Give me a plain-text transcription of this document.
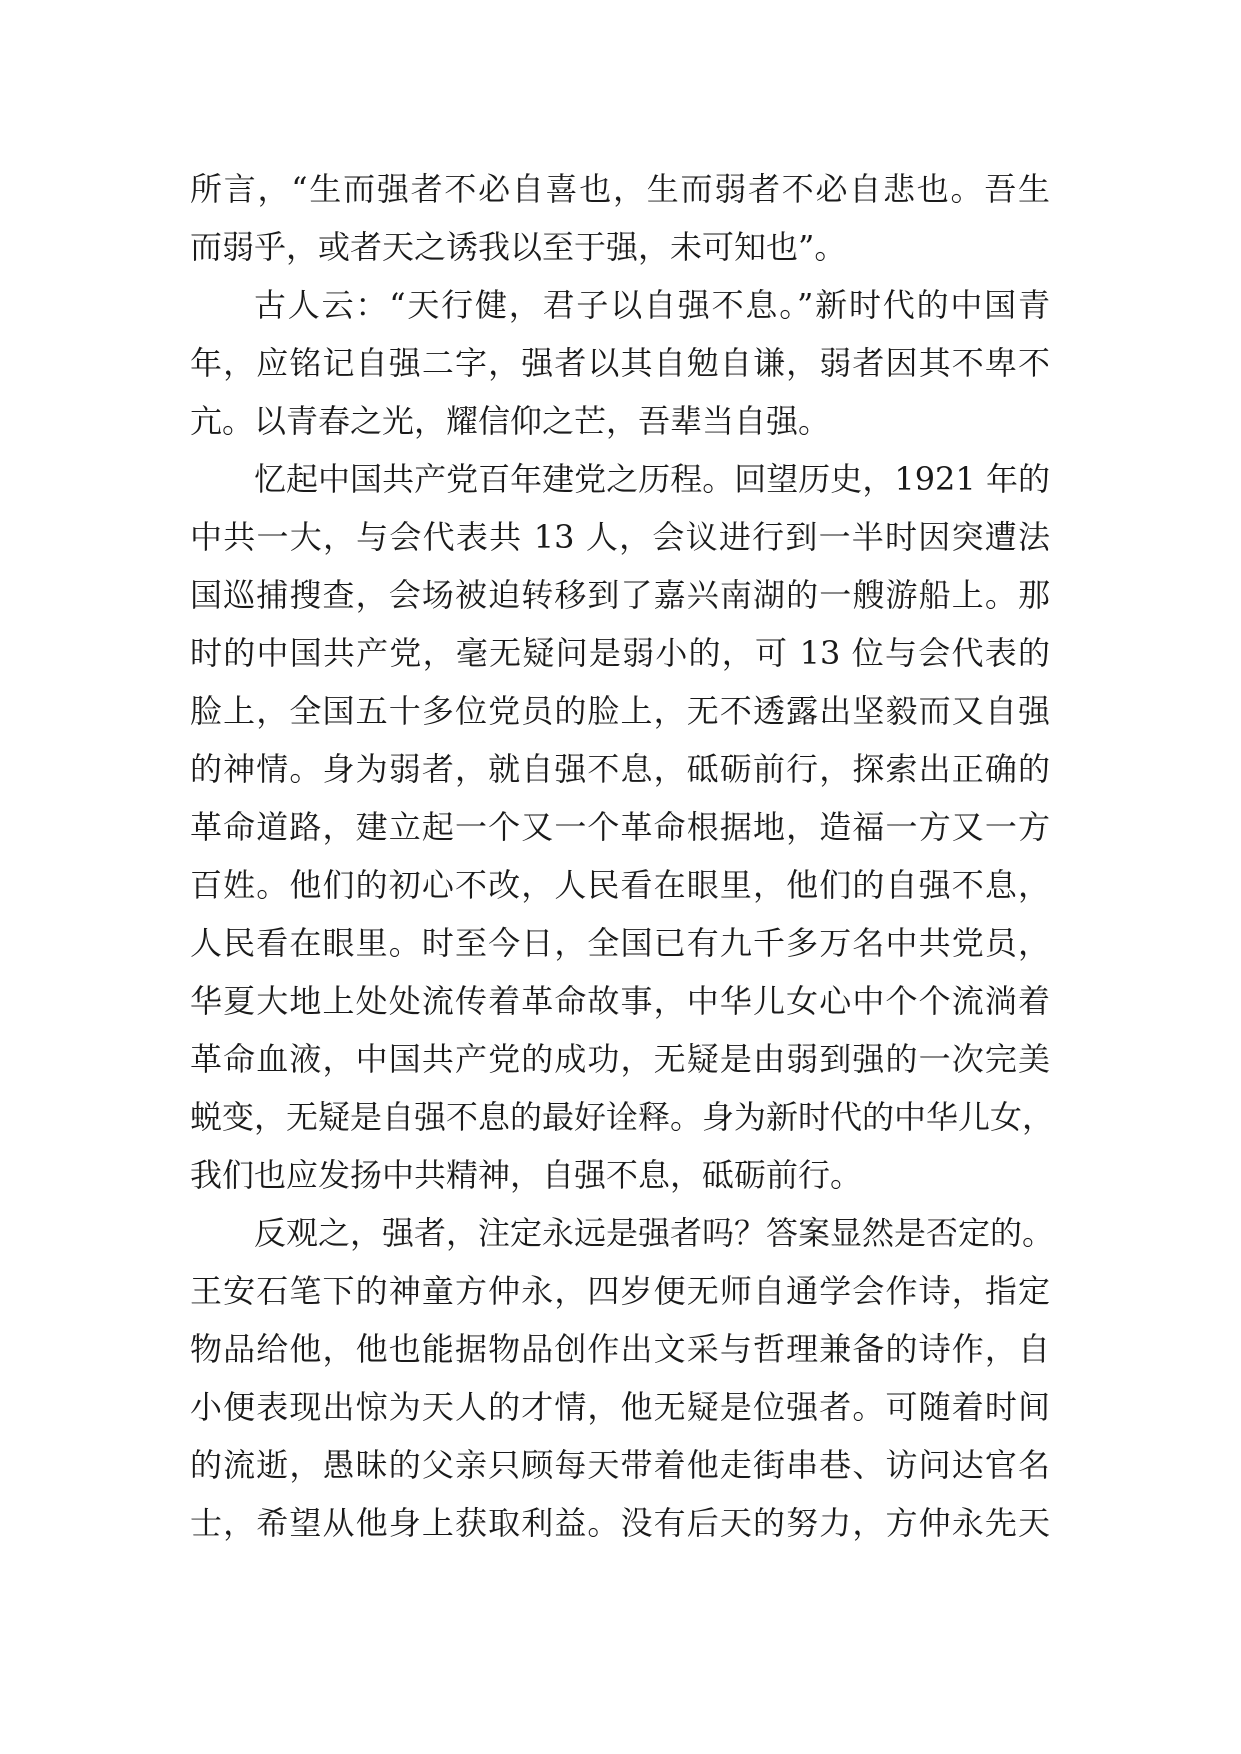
所言，“生而强者不必自喜也，生而弱者不必自悲也。吾生
而弱乎，或者天之诱我以至于强，未可知也”。
古人云：“天行健，君子以自强不息。”新时代的中国青
年，应铭记自强二字，强者以其自勉自谦，弱者因其不卑不
亢。以青春之光，耀信仰之芒，吾辈当自强。
忆起中国共产党百年建党之历程。回望历史，1921 年的
中共一大，与会代表共 13 人，会议进行到一半时因突遭法
国巡捕搜查，会场被迫转移到了嘉兴南湖的一艘游船上。那
时的中国共产党，毫无疑问是弱小的，可 13 位与会代表的
脸上，全国五十多位党员的脸上，无不透露出坚毅而又自强
的神情。身为弱者，就自强不息，砥砺前行，探索出正确的
革命道路，建立起一个又一个革命根据地，造福一方又一方
百姓。他们的初心不改，人民看在眼里，他们的自强不息，
人民看在眼里。时至今日，全国已有九千多万名中共党员，
华夏大地上处处流传着革命故事，中华儿女心中个个流淌着
革命血液，中国共产党的成功，无疑是由弱到强的一次完美
蜕变，无疑是自强不息的最好诠释。身为新时代的中华儿女，
我们也应发扬中共精神，自强不息，砥砺前行。
反观之，强者，注定永远是强者吗？答案显然是否定的。
王安石笔下的神童方仲永，四岁便无师自通学会作诗，指定
物品给他，他也能据物品创作出文采与哲理兼备的诗作，自
小便表现出惊为天人的才情，他无疑是位强者。可随着时间
的流逝，愚昧的父亲只顾每天带着他走街串巷、访问达官名
士，希望从他身上获取利益。没有后天的努力，方仲永先天
